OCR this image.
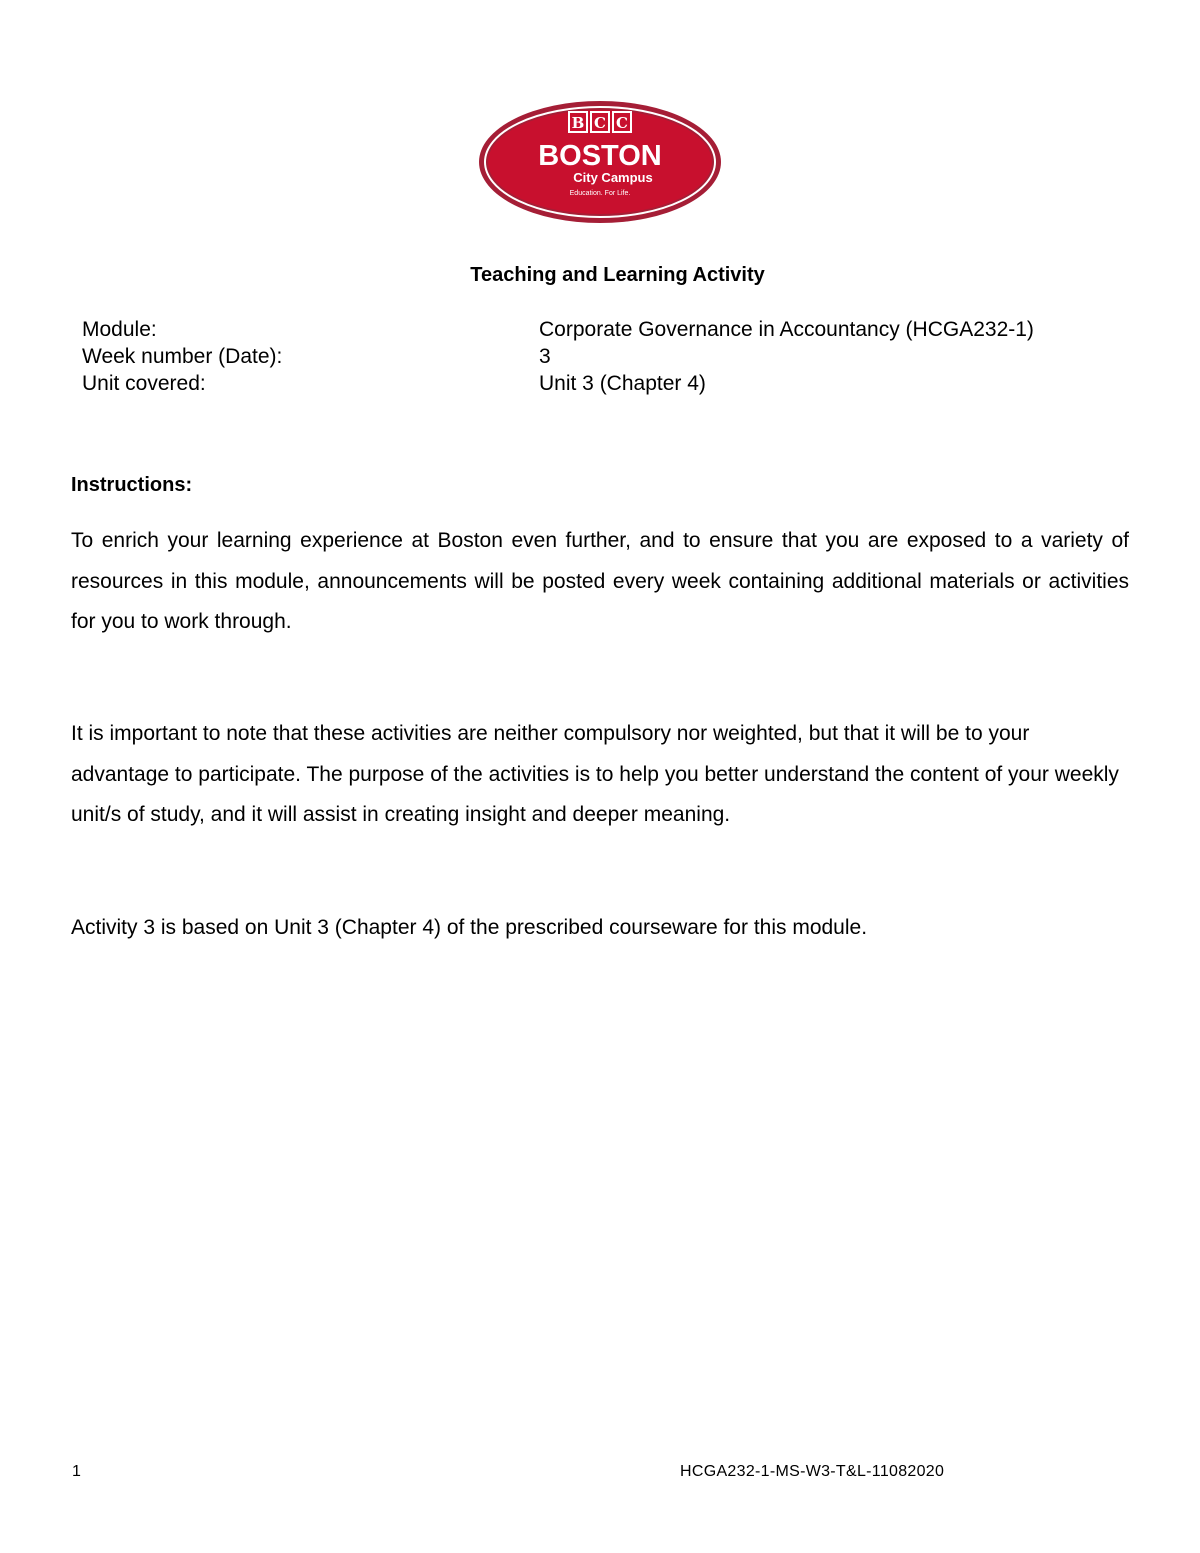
B C C
BOSTON
City Campus
Education. For Life.
Teaching and Learning Activity
Module:	Corporate Governance in Accountancy (HCGA232-1)
Week number (Date):	3
Unit covered:	Unit 3 (Chapter 4)
Instructions:

To enrich your learning experience at Boston even further, and to ensure that you are exposed to a variety of resources in this module, announcements will be posted every week containing additional materials or activities for you to work through.

It is important to note that these activities are neither compulsory nor weighted, but that it will be to your advantage to participate. The purpose of the activities is to help you better understand the content of your weekly unit/s of study, and it will assist in creating insight and deeper meaning.

Activity 3 is based on Unit 3 (Chapter 4) of the prescribed courseware for this module.

1	HCGA232-1-MS-W3-T&L-11082020
